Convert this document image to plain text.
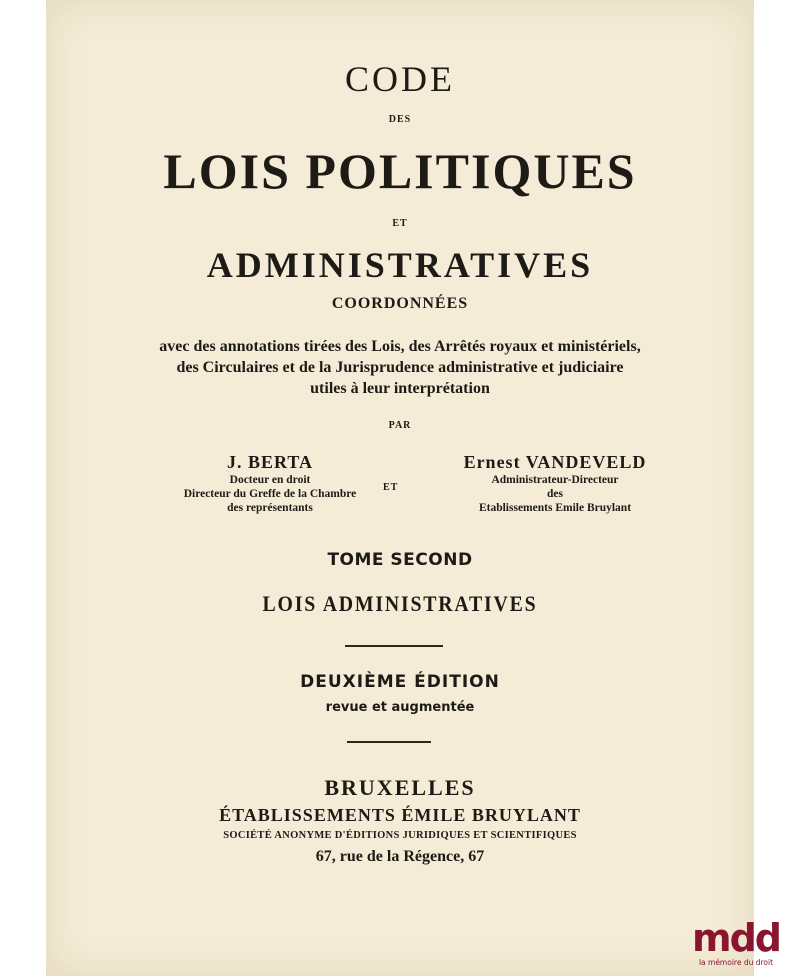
CODE
DES
LOIS POLITIQUES
ET
ADMINISTRATIVES
COORDONNÉES
avec des annotations tirées des Lois, des Arrêtés royaux et ministériels,
des Circulaires et de la Jurisprudence administrative et judiciaire
utiles à leur interprétation
PAR
J. BERTA
Docteur en droit
Directeur du Greffe de la Chambre
des représentants
ET
Ernest VANDEVELD
Administrateur-Directeur
des
Etablissements Emile Bruylant
TOME SECOND
LOIS ADMINISTRATIVES
DEUXIÈME ÉDITION
revue et augmentée
BRUXELLES
ÉTABLISSEMENTS ÉMILE BRUYLANT
SOCIÉTÉ ANONYME D'ÉDITIONS JURIDIQUES ET SCIENTIFIQUES
67, rue de la Régence, 67
mdd
la mémoire du droit
